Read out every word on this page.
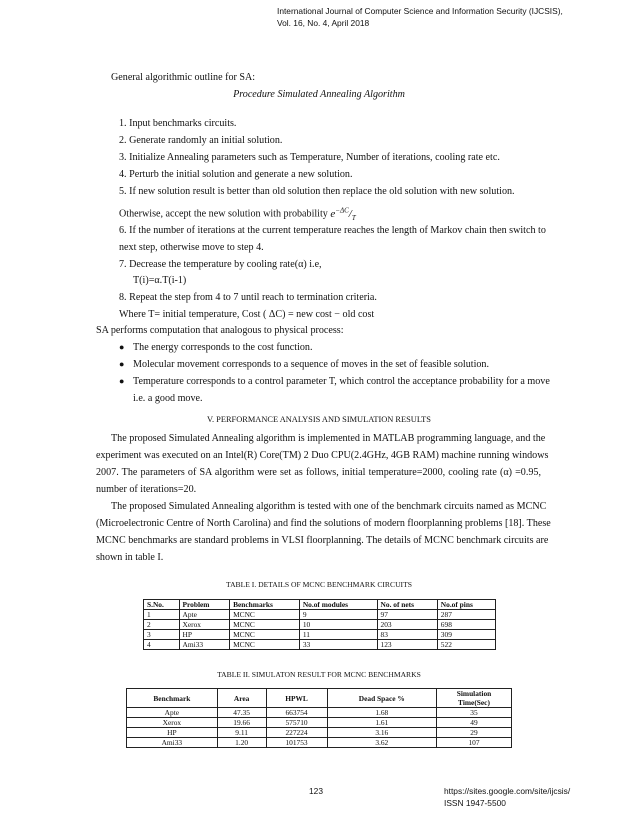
International Journal of Computer Science and Information Security (IJCSIS),
Vol. 16, No. 4, April 2018
General algorithmic outline for SA:
Procedure Simulated Annealing Algorithm
1. Input benchmarks circuits.
2. Generate randomly an initial solution.
3. Initialize Annealing parameters such as Temperature, Number of iterations, cooling rate etc.
4. Perturb the initial solution and generate a new solution.
5. If new solution result is better than old solution then replace the old solution with new solution.
Otherwise, accept the new solution with probability $e^{-\Delta C}/_T$
6. If the number of iterations at the current temperature reaches the length of Markov chain then switch to
next step, otherwise move to step 4.
7. Decrease the temperature by cooling rate(α) i.e,
T(i)=α.T(i-1)
8. Repeat the step from 4 to 7 until reach to termination criteria.
Where T= initial temperature, Cost ( ΔC) = new cost − old cost
SA performs computation that analogous to physical process:
● The energy corresponds to the cost function.
● Molecular movement corresponds to a sequence of moves in the set of feasible solution.
● Temperature corresponds to a control parameter T, which control the acceptance probability for a move
i.e. a good move.
V. PERFORMANCE ANALYSIS AND SIMULATION RESULTS
The proposed Simulated Annealing algorithm is implemented in MATLAB programming language, and the
experiment was executed on an Intel(R) Core(TM) 2 Duo CPU(2.4GHz, 4GB RAM) machine running windows
2007. The parameters of SA algorithm were set as follows, initial temperature=2000, cooling rate (α) =0.95,
number of iterations=20.
The proposed Simulated Annealing algorithm is tested with one of the benchmark circuits named as MCNC
(Microelectronic Centre of North Carolina) and find the solutions of modern floorplanning problems [18]. These
MCNC benchmarks are standard problems in VLSI floorplanning. The details of MCNC benchmark circuits are
shown in table I.
TABLE I. DETAILS OF MCNC BENCHMARK CIRCUITS
S.No.	Problem	Benchmarks	No.of modules	No. of nets	No.of pins
1	Apte	MCNC	9	97	287
2	Xerox	MCNC	10	203	698
3	HP	MCNC	11	83	309
4	Ami33	MCNC	33	123	522
TABLE II. SIMULATON RESULT FOR MCNC BENCHMARKS
Benchmark	Area	HPWL	Dead Space %	Simulation Time(Sec)
Apte	47.35	663754	1.68	35
Xerox	19.66	575710	1.61	49
HP	9.11	227224	3.16	29
Ami33	1.20	101753	3.62	107
123	https://sites.google.com/site/ijcsis/
ISSN 1947-5500
